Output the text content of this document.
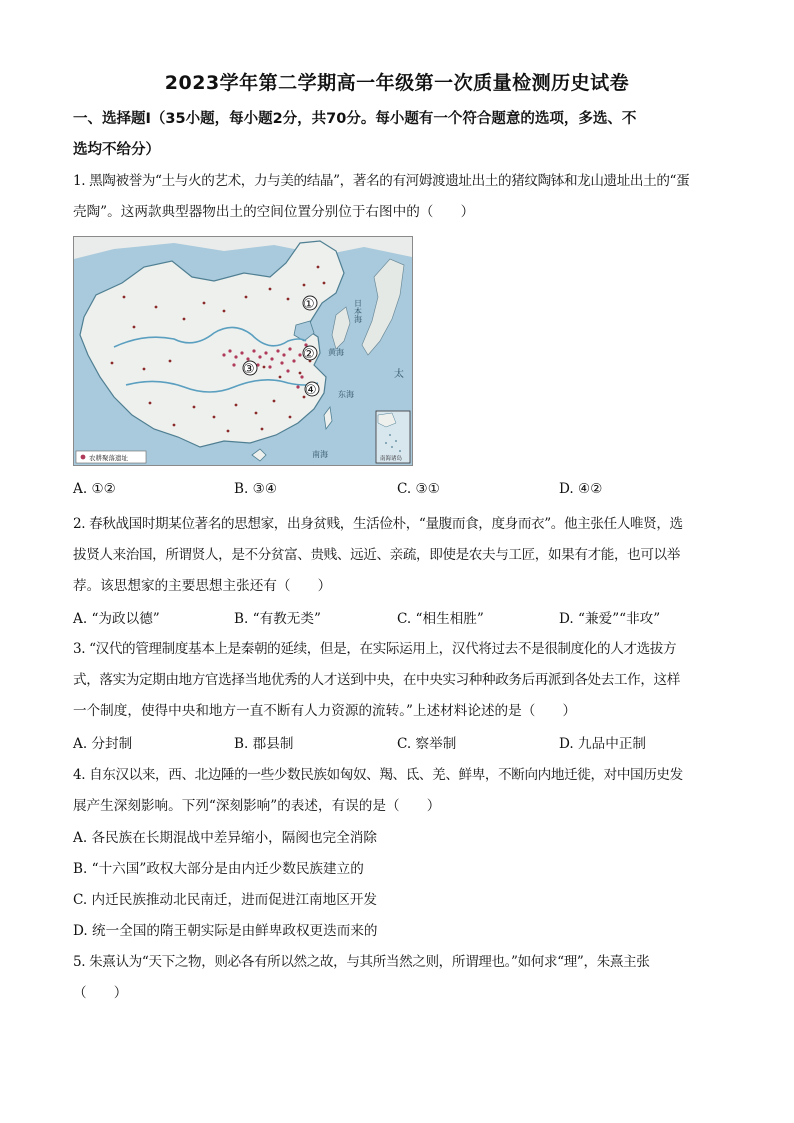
2023学年第二学期高一年级第一次质量检测历史试卷
一、选择题Ⅰ（35小题，每小题2分，共70分。每小题有一个符合题意的选项，多选、不
选均不给分）
1. 黑陶被誉为“土与火的艺术，力与美的结晶”，著名的有河姆渡遗址出土的猪纹陶钵和龙山遗址出土的“蛋
壳陶”。这两款典型器物出土的空间位置分别位于右图中的（　　）
①
②
③
④
日本海
黄海
东海
太
南海
农耕聚落遗址	南海诸岛
A. ①②	B. ③④	C. ③①	D. ④②
2. 春秋战国时期某位著名的思想家，出身贫贱，生活俭朴，“量腹而食，度身而衣”。他主张任人唯贤，选
拔贤人来治国，所谓贤人，是不分贫富、贵贱、远近、亲疏，即使是农夫与工匠，如果有才能，也可以举
荐。该思想家的主要思想主张还有（　　）
A. “为政以德”	B. “有教无类”	C. “相生相胜”	D. “兼爱”“非攻”
3. “汉代的管理制度基本上是秦朝的延续，但是，在实际运用上，汉代将过去不是很制度化的人才选拔方
式，落实为定期由地方官选择当地优秀的人才送到中央，在中央实习种种政务后再派到各处去工作，这样
一个制度，使得中央和地方一直不断有人力资源的流转。”上述材料论述的是（　　）
A. 分封制	B. 郡县制	C. 察举制	D. 九品中正制
4. 自东汉以来，西、北边陲的一些少数民族如匈奴、羯、氐、羌、鲜卑，不断向内地迁徙，对中国历史发
展产生深刻影响。下列“深刻影响”的表述，有误的是（　　）
A. 各民族在长期混战中差异缩小，隔阂也完全消除
B. “十六国”政权大部分是由内迁少数民族建立的
C. 内迁民族推动北民南迁，进而促进江南地区开发
D. 统一全国的隋王朝实际是由鲜卑政权更迭而来的
5. 朱熹认为“天下之物，则必各有所以然之故，与其所当然之则，所谓理也。”如何求“理”，朱熹主张
（　　）
